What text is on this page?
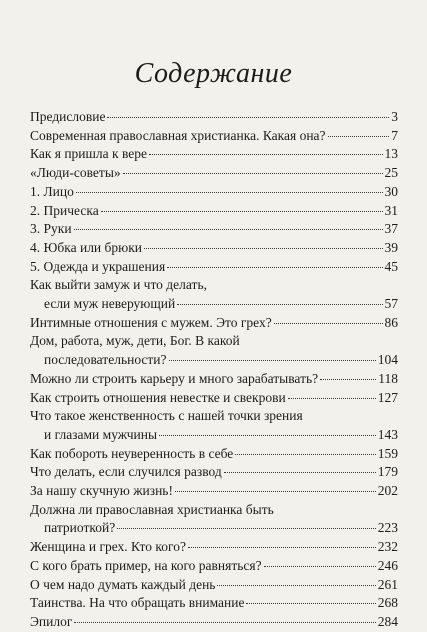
Содержание
Предисловие	3
Современная православная христианка. Какая она?	7
Как я пришла к вере	13
«Люди-советы»	25
1. Лицо	30
2. Прическа	31
3. Руки	37
4. Юбка или брюки	39
5. Одежда и украшения	45
Как выйти замуж и что делать,
если муж неверующий	57
Интимные отношения с мужем. Это грех?	86
Дом, работа, муж, дети, Бог. В какой
последовательности?	104
Можно ли строить карьеру и много зарабатывать?	118
Как строить отношения невестке и свекрови	127
Что такое женственность с нашей точки зрения
и глазами мужчины	143
Как побороть неуверенность в себе	159
Что делать, если случился развод	179
За нашу скучную жизнь!	202
Должна ли православная христианка быть
патриоткой?	223
Женщина и грех. Кто кого?	232
С кого брать пример, на кого равняться?	246
О чем надо думать каждый день	261
Таинства. На что обращать внимание	268
Эпилог	284
